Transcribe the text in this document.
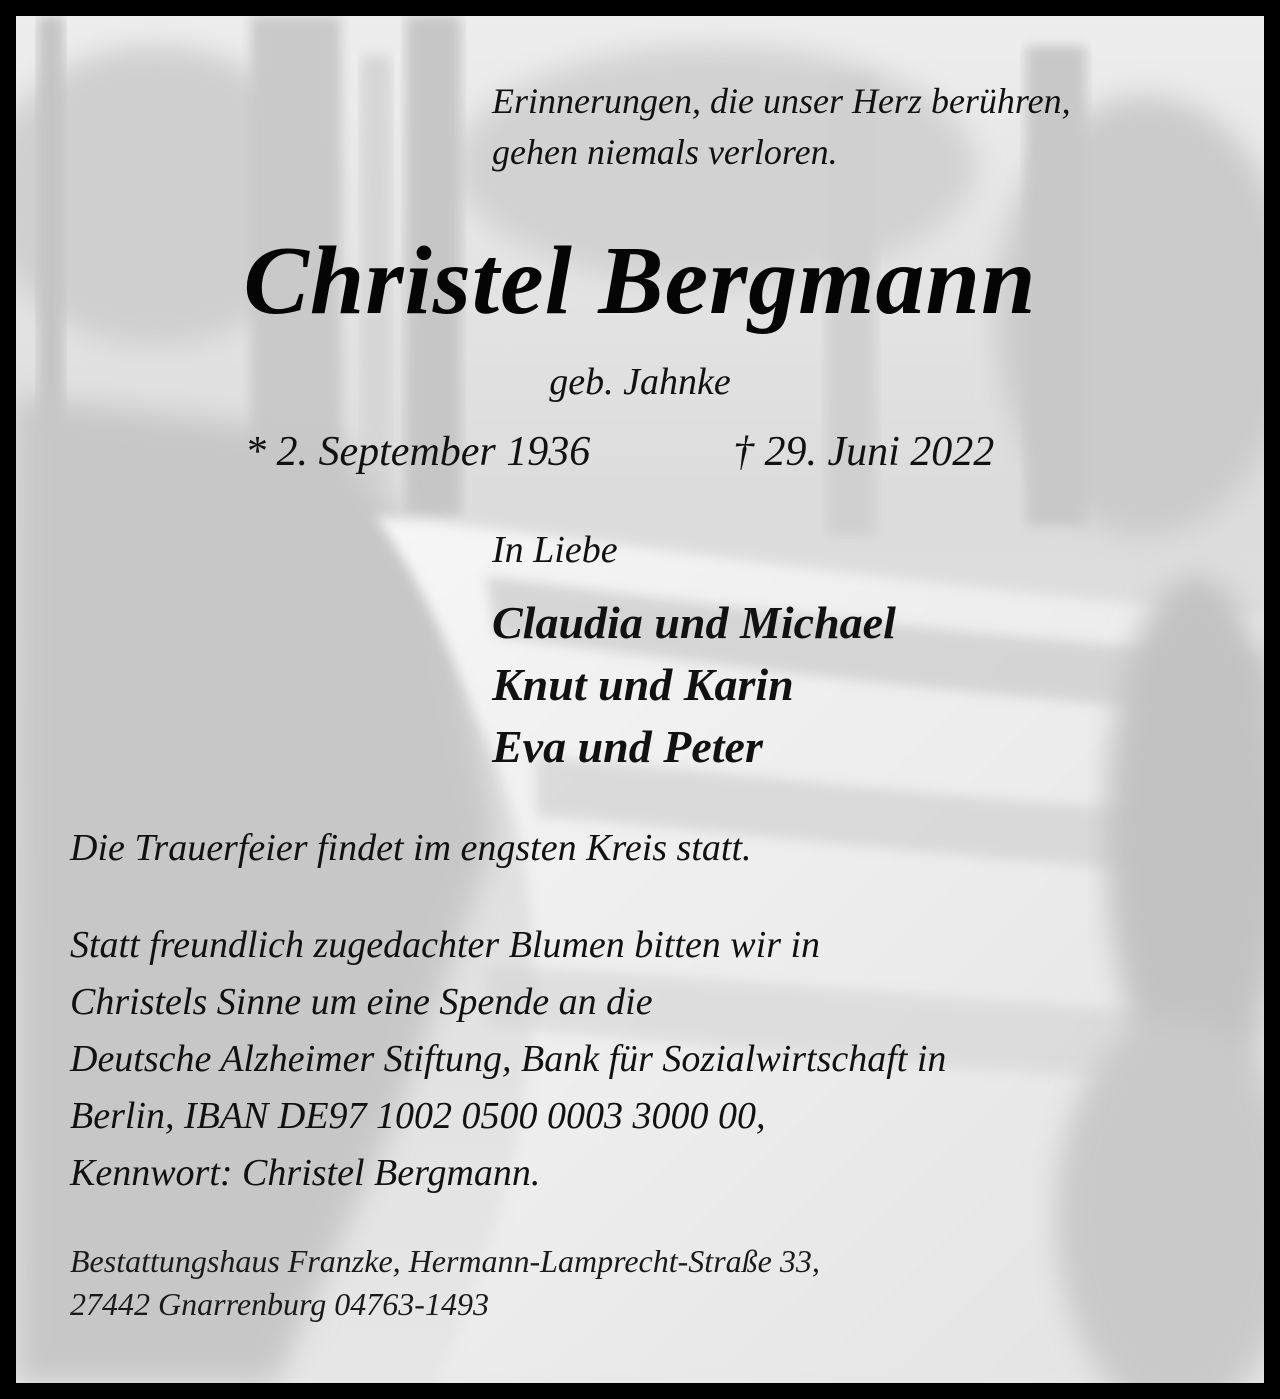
Erinnerungen, die unser Herz berühren,
gehen niemals verloren.
Christel Bergmann
geb. Jahnke
* 2. September 1936	† 29. Juni 2022
In Liebe
Claudia und Michael
Knut und Karin
Eva und Peter
Die Trauerfeier findet im engsten Kreis statt.
Statt freundlich zugedachter Blumen bitten wir in
Christels Sinne um eine Spende an die
Deutsche Alzheimer Stiftung, Bank für Sozialwirtschaft in
Berlin, IBAN DE97 1002 0500 0003 3000 00,
Kennwort: Christel Bergmann.
Bestattungshaus Franzke, Hermann-Lamprecht-Straße 33,
27442 Gnarrenburg 04763-1493
